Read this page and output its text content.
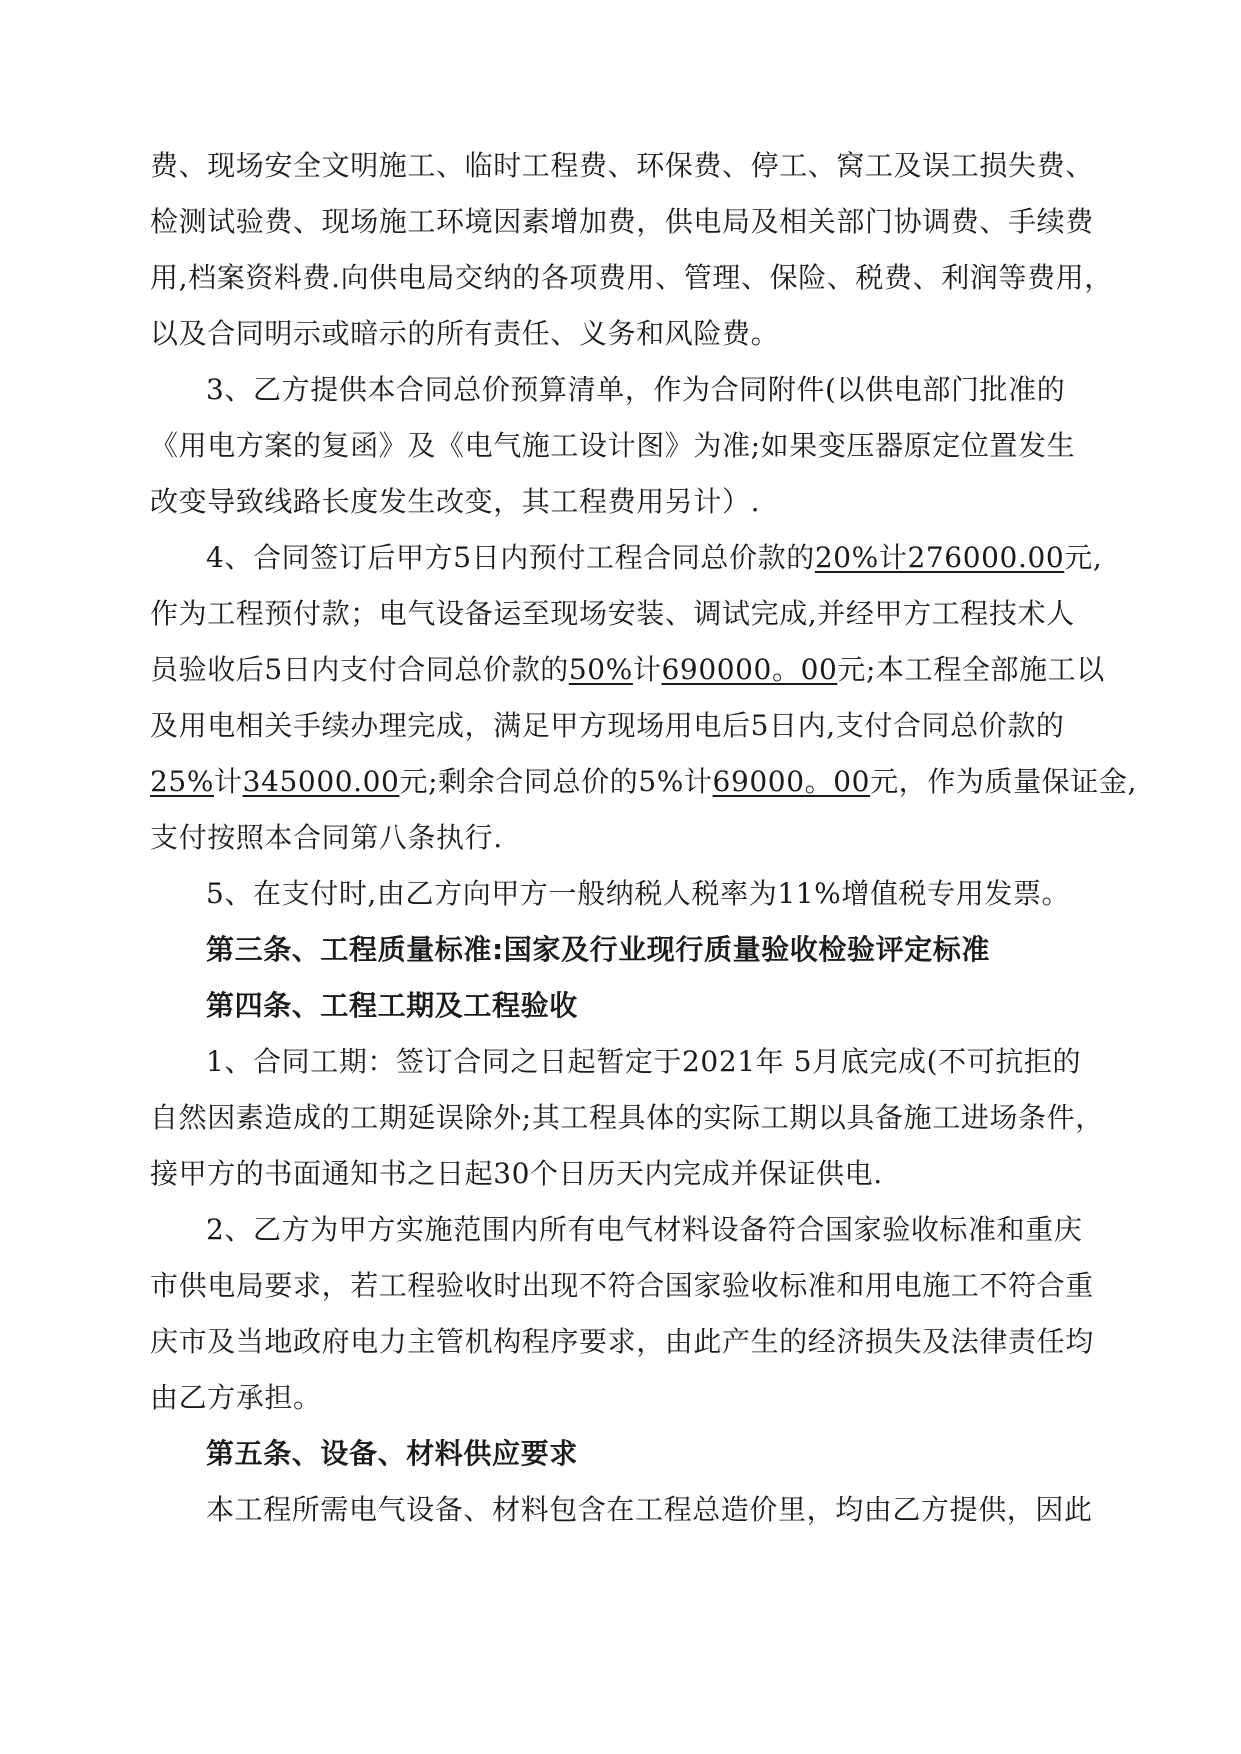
费、现场安全文明施工、临时工程费、环保费、停工、窝工及误工损失费、
检测试验费、现场施工环境因素增加费，供电局及相关部门协调费、手续费
用,档案资料费.向供电局交纳的各项费用、管理、保险、税费、利润等费用，
以及合同明示或暗示的所有责任、义务和风险费。
3、乙方提供本合同总价预算清单，作为合同附件(以供电部门批准的
《用电方案的复函》及《电气施工设计图》为准;如果变压器原定位置发生
改变导致线路长度发生改变，其工程费用另计）.
4、合同签订后甲方5日内预付工程合同总价款的20%计276000.00元,
作为工程预付款；电气设备运至现场安装、调试完成,并经甲方工程技术人
员验收后5日内支付合同总价款的50%计690000。00元;本工程全部施工以
及用电相关手续办理完成，满足甲方现场用电后5日内,支付合同总价款的
25%计345000.00元;剩余合同总价的5%计69000。00元，作为质量保证金,
支付按照本合同第八条执行.
5、在支付时,由乙方向甲方一般纳税人税率为11%增值税专用发票。
第三条、工程质量标准:国家及行业现行质量验收检验评定标准
第四条、工程工期及工程验收
1、合同工期：签订合同之日起暂定于2021年 5月底完成(不可抗拒的
自然因素造成的工期延误除外;其工程具体的实际工期以具备施工进场条件，
接甲方的书面通知书之日起30个日历天内完成并保证供电.
2、乙方为甲方实施范围内所有电气材料设备符合国家验收标准和重庆
市供电局要求，若工程验收时出现不符合国家验收标准和用电施工不符合重
庆市及当地政府电力主管机构程序要求，由此产生的经济损失及法律责任均
由乙方承担。
第五条、设备、材料供应要求
本工程所需电气设备、材料包含在工程总造价里，均由乙方提供，因此
